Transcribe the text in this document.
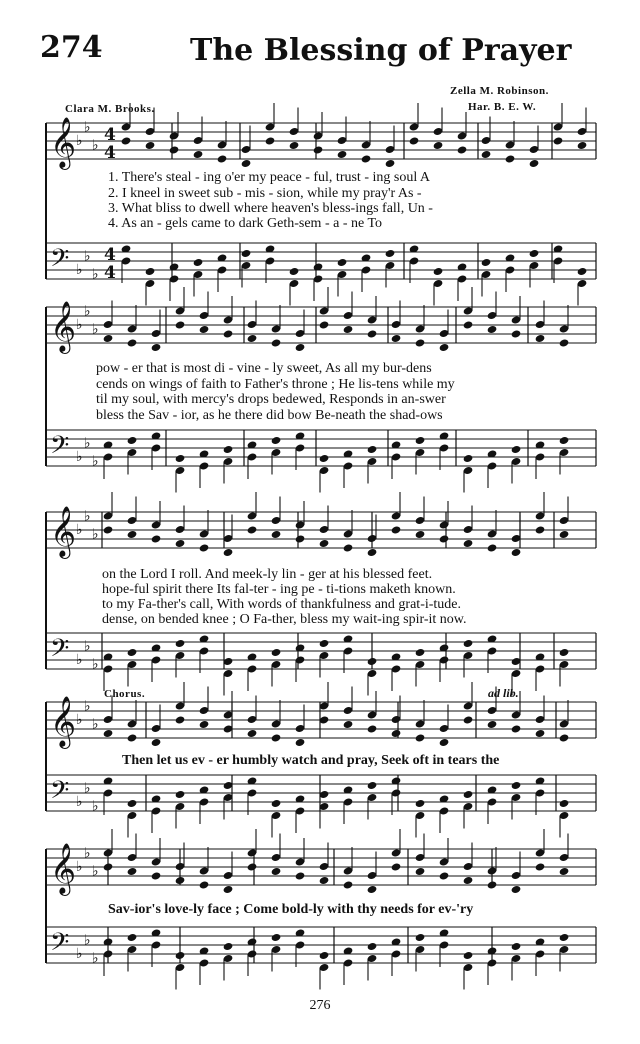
274	The Blessing of Prayer
Zella M. Robinson.
Clara M. Brooks.	Har. B. E. W.
𝄞 ♭
♭
♭
4
4
𝄢 ♭
♭
♭
4
4
𝄞 ♭
♭
♭
𝄢 ♭
♭
♭
𝄞 ♭
♭
♭
𝄢 ♭
♭
♭
𝄞 ♭
♭
♭
𝄢 ♭
♭
♭
𝄞 ♭
♭
♭
𝄢 ♭
♭
♭
1. There's steal - ing o'er my peace - ful, trust - ing soul A
2. I kneel in sweet sub - mis - sion, while my pray'r As -
3. What bliss to dwell where heaven's bless-ings fall, Un -
4. As an - gels came to dark Geth-sem - a - ne To
pow - er that is most di - vine - ly sweet, As all my bur-dens
cends on wings of faith to Father's throne ; He lis-tens while my
til my soul, with mercy's drops bedewed, Responds in an-swer
bless the Sav - ior, as he there did bow Be-neath the shad-ows
on the Lord I roll. And meek-ly lin - ger at his blessed feet.
hope-ful spirit there Its fal-ter - ing pe - ti-tions maketh known.
to my Fa-ther's call, With words of thankfulness and grat-i-tude.
dense, on bended knee ; O Fa-ther, bless my wait-ing spir-it now.
Chorus.	ad lib.
Then let us ev - er humbly watch and pray, Seek oft in tears the
Sav-ior's love-ly face ; Come bold-ly with thy needs for ev-'ry
276
